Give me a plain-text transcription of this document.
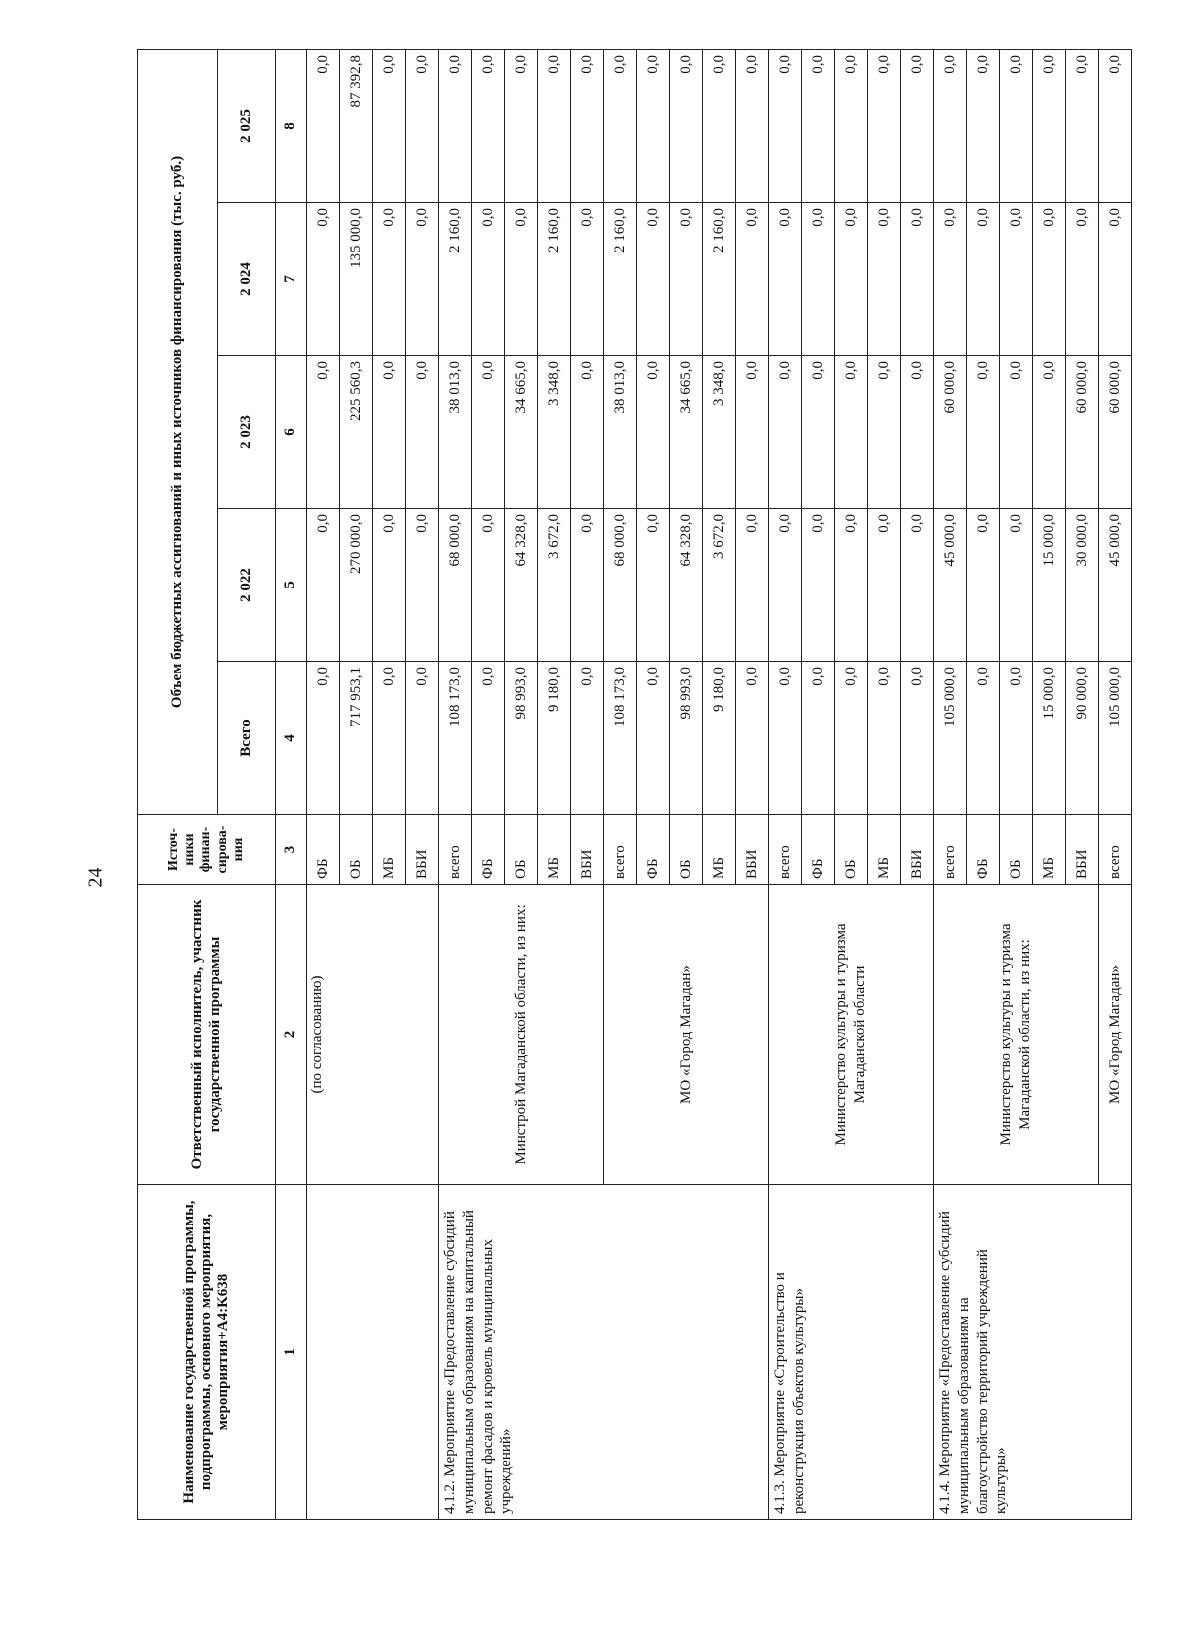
24
Наименование государственной программы, подпрограммы, основного мероприятия, мероприятия+A4:K638	Ответственный исполнитель, участник государственной программы	Источ- ники финан- сирова- ния	Объем бюджетных ассигнований и иных источников финансирования (тыс. руб.)				
			Всего	2 022	2 023	2 024	2 025
1	2	3	4	5	6	7	8
	(по согласованию)	ФБ	0,0	0,0	0,0	0,0	0,0
		ОБ	717 953,1	270 000,0	225 560,3	135 000,0	87 392,8
		МБ	0,0	0,0	0,0	0,0	0,0
		ВБИ	0,0	0,0	0,0	0,0	0,0
4.1.2. Мероприятие «Предоставление субсидий муниципальным образованиям на капитальный ремонт фасадов и кровель муниципальных учреждений»	Минстрой Магаданской области, из них:	всего	108 173,0	68 000,0	38 013,0	2 160,0	0,0
		ФБ	0,0	0,0	0,0	0,0	0,0
		ОБ	98 993,0	64 328,0	34 665,0	0,0	0,0
		МБ	9 180,0	3 672,0	3 348,0	2 160,0	0,0
		ВБИ	0,0	0,0	0,0	0,0	0,0
	МО «Город Магадан»	всего	108 173,0	68 000,0	38 013,0	2 160,0	0,0
		ФБ	0,0	0,0	0,0	0,0	0,0
		ОБ	98 993,0	64 328,0	34 665,0	0,0	0,0
		МБ	9 180,0	3 672,0	3 348,0	2 160,0	0,0
		ВБИ	0,0	0,0	0,0	0,0	0,0
4.1.3. Мероприятие «Строительство и реконструкция объектов культуры»	Министерство культуры и туризма Магаданской области	всего	0,0	0,0	0,0	0,0	0,0
		ФБ	0,0	0,0	0,0	0,0	0,0
		ОБ	0,0	0,0	0,0	0,0	0,0
		МБ	0,0	0,0	0,0	0,0	0,0
		ВБИ	0,0	0,0	0,0	0,0	0,0
4.1.4. Мероприятие «Предоставление субсидий муниципальным образованиям на благоустройство территорий учреждений культуры»	Министерство культуры и туризма Магаданской области, из них:	всего	105 000,0	45 000,0	60 000,0	0,0	0,0
		ФБ	0,0	0,0	0,0	0,0	0,0
		ОБ	0,0	0,0	0,0	0,0	0,0
		МБ	15 000,0	15 000,0	0,0	0,0	0,0
		ВБИ	90 000,0	30 000,0	60 000,0	0,0	0,0
	МО «Город Магадан»	всего	105 000,0	45 000,0	60 000,0	0,0	0,0
